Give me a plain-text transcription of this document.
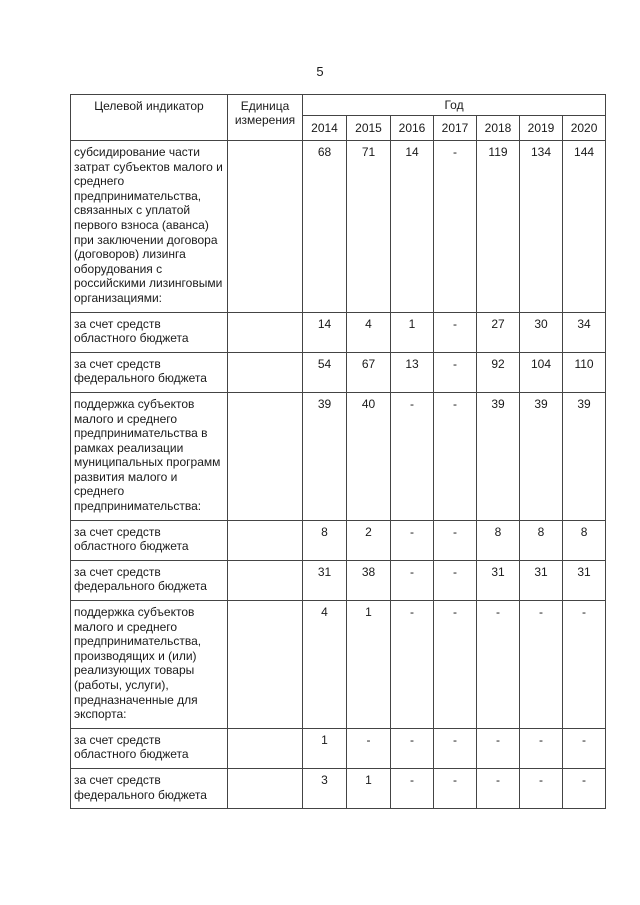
5
Целевой индикатор	Единица измерения	Год						
		2014	2015	2016	2017	2018	2019	2020
субсидирование части затрат субъектов малого и среднего предпринимательства, связанных с уплатой первого взноса (аванса) при заключении договора (договоров) лизинга оборудования с российскими лизинговыми организациями:		68	71	14	-	119	134	144
за счет средств областного бюджета		14	4	1	-	27	30	34
за счет средств федерального бюджета		54	67	13	-	92	104	110
поддержка субъектов малого и среднего предпринимательства в рамках реализации муниципальных программ развития малого и среднего предпринимательства:		39	40	-	-	39	39	39
за счет средств областного бюджета		8	2	-	-	8	8	8
за счет средств федерального бюджета		31	38	-	-	31	31	31
поддержка субъектов малого и среднего предпринимательства, производящих и (или) реализующих товары (работы, услуги), предназначенные для экспорта:		4	1	-	-	-	-	-
за счет средств областного бюджета		1	-	-	-	-	-	-
за счет средств федерального бюджета		3	1	-	-	-	-	-
